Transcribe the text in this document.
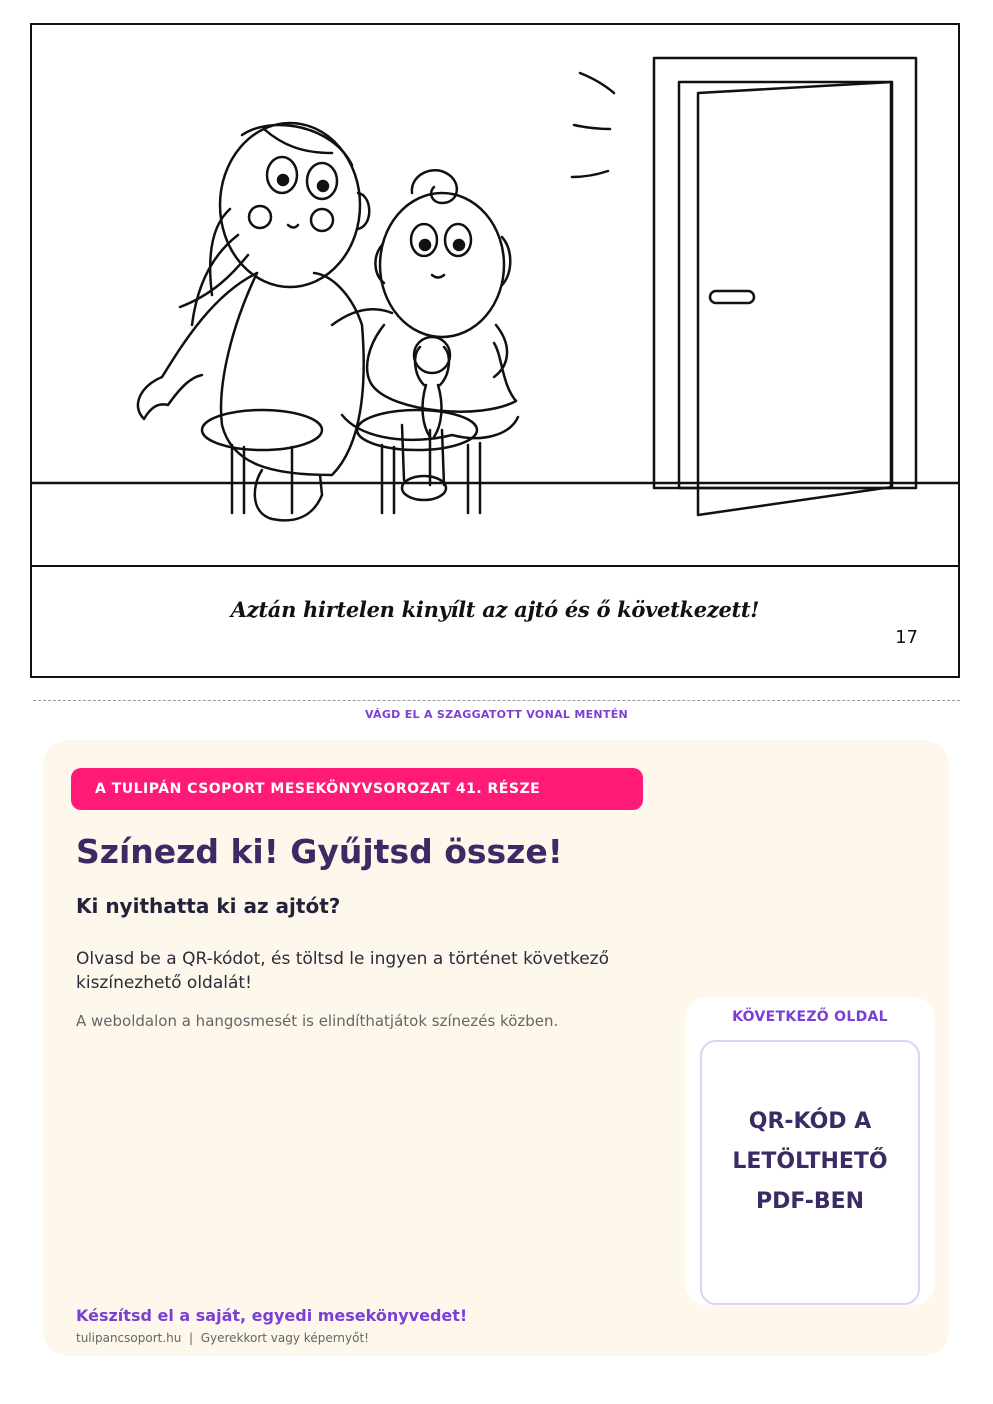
Aztán hirtelen kinyílt az ajtó és ő következett!
17
VÁGD EL A SZAGGATOTT VONAL MENTÉN
A TULIPÁN CSOPORT MESEKÖNYVSOROZAT 41. RÉSZE
Színezd ki! Gyűjtsd össze!
Ki nyithatta ki az ajtót?
Olvasd be a QR-kódot, és töltsd le ingyen a történet következő kiszínezhető oldalát!
A weboldalon a hangosmesét is elindíthatjátok színezés közben.	KÖVETKEZŐ OLDAL
QR-KÓD A
LETÖLTHETŐ
PDF-BEN
Készítsd el a saját, egyedi mesekönyvedet!
tulipancsoport.hu | Gyerekkort vagy képernyőt!
